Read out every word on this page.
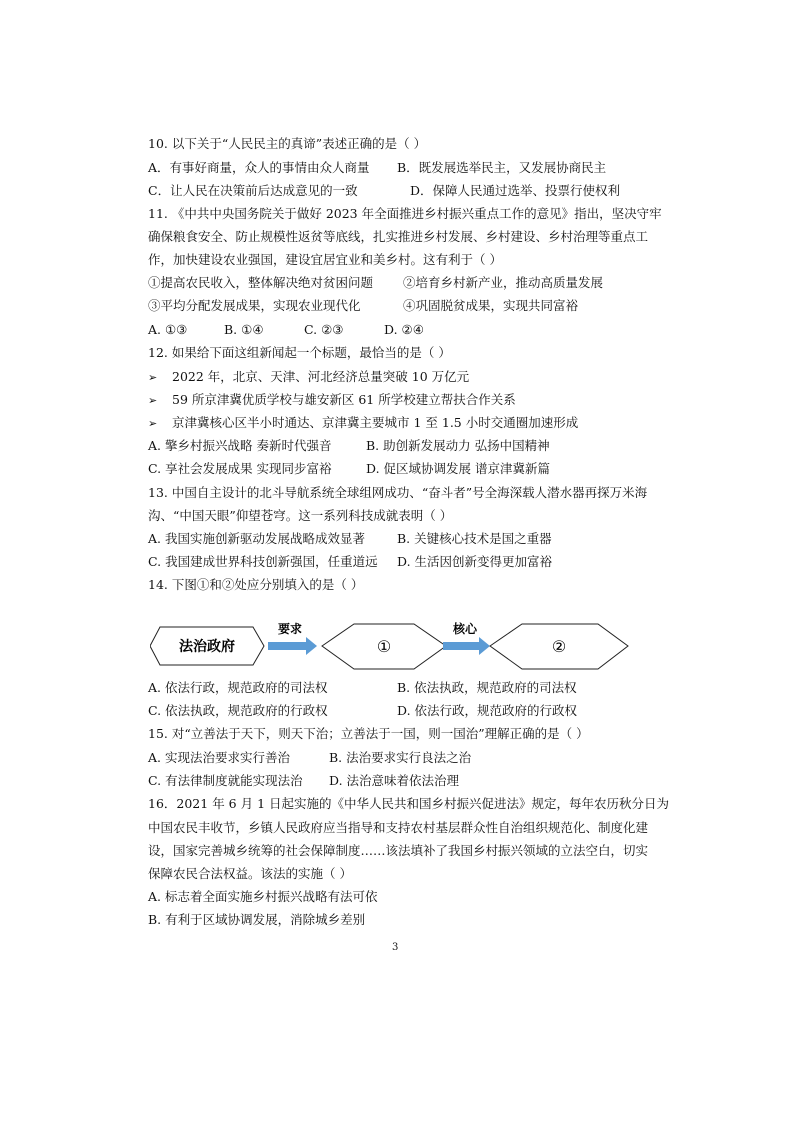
10. 以下关于“人民民主的真谛”表述正确的是（ ）
A．有事好商量，众人的事情由众人商量 B．既发展选举民主，又发展协商民主
C．让人民在决策前后达成意见的一致	D．保障人民通过选举、投票行使权利
11. 《中共中央国务院关于做好 2023 年全面推进乡村振兴重点工作的意见》指出，坚决守牢
确保粮食安全、防止规模性返贫等底线，扎实推进乡村发展、乡村建设、乡村治理等重点工
作，加快建设农业强国，建设宜居宜业和美乡村。这有利于（ ）
①提高农民收入，整体解决绝对贫困问题 ②培育乡村新产业，推动高质量发展
③平均分配发展成果，实现农业现代化	④巩固脱贫成果，实现共同富裕
A. ①③	B. ①④	C. ②③	D. ②④
12. 如果给下面这组新闻起一个标题，最恰当的是（ ）
➢ 2022 年，北京、天津、河北经济总量突破 10 万亿元
➢ 59 所京津冀优质学校与雄安新区 61 所学校建立帮扶合作关系
➢ 京津冀核心区半小时通达、京津冀主要城市 1 至 1.5 小时交通圈加速形成
A. 擎乡村振兴战略 奏新时代强音	B. 助创新发展动力 弘扬中国精神
C. 享社会发展成果 实现同步富裕	D. 促区域协调发展 谱京津冀新篇
13. 中国自主设计的北斗导航系统全球组网成功、“奋斗者”号全海深载人潜水器再探万米海
沟、“中国天眼”仰望苍穹。这一系列科技成就表明（ ）
A. 我国实施创新驱动发展战略成效显著	B. 关键核心技术是国之重器
C. 我国建成世界科技创新强国，任重道远 D. 生活因创新变得更加富裕
14. 下图①和②处应分别填入的是（ ）
法治政府
要求
①
核心
②
A. 依法行政，规范政府的司法权	B. 依法执政，规范政府的司法权
C. 依法执政，规范政府的行政权	D. 依法行政，规范政府的行政权
15. 对“立善法于天下，则天下治；立善法于一国，则一国治”理解正确的是（ ）
A. 实现法治要求实行善治	B. 法治要求实行良法之治
C. 有法律制度就能实现法治 D. 法治意味着依法治理
16．2021 年 6 月 1 日起实施的《中华人民共和国乡村振兴促进法》规定，每年农历秋分日为
中国农民丰收节，乡镇人民政府应当指导和支持农村基层群众性自治组织规范化、制度化建
设，国家完善城乡统筹的社会保障制度……该法填补了我国乡村振兴领域的立法空白，切实
保障农民合法权益。该法的实施（ ）
A. 标志着全面实施乡村振兴战略有法可依
B. 有利于区域协调发展，消除城乡差别
3
